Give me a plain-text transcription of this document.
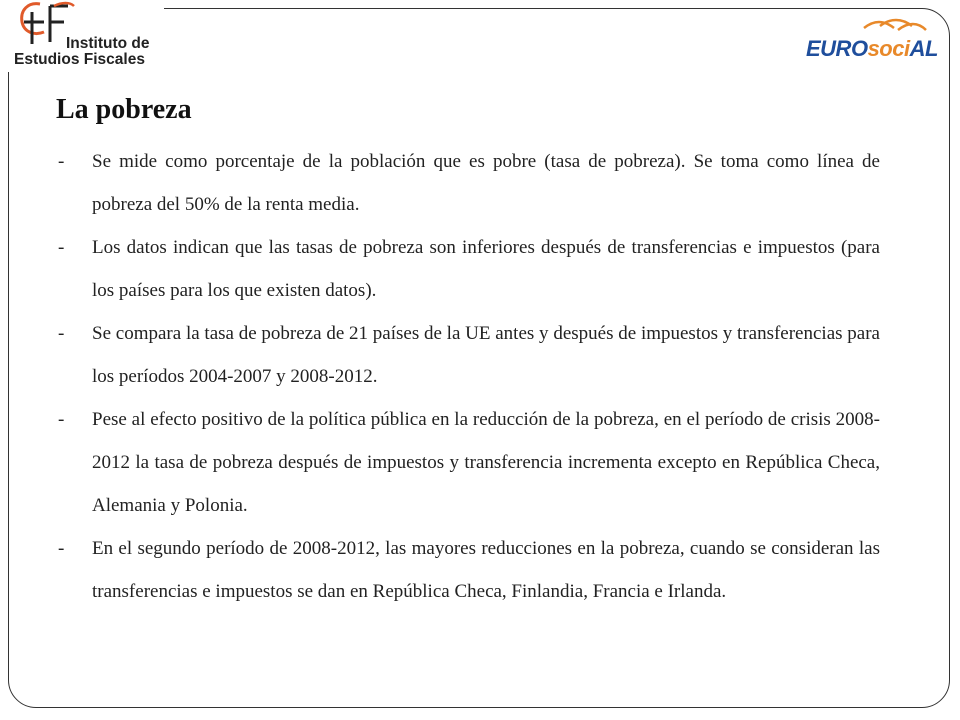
Instituto de
Estudios Fiscales	EUROsociAL
La pobreza
- Se mide como porcentaje de la población que es pobre (tasa de pobreza). Se toma como línea de pobreza del 50% de la renta media.
- Los datos indican que las tasas de pobreza son inferiores después de transferencias e impuestos (para los países para los que existen datos).
- Se compara la tasa de pobreza de 21 países de la UE antes y después de impuestos y transferencias para los períodos 2004-2007 y 2008-2012.
- Pese al efecto positivo de la política pública en la reducción de la pobreza, en el período de crisis 2008-2012 la tasa de pobreza después de impuestos y transferencia incrementa excepto en República Checa, Alemania y Polonia.
- En el segundo período de 2008-2012, las mayores reducciones en la pobreza, cuando se consideran las transferencias e impuestos se dan en República Checa, Finlandia, Francia e Irlanda.
